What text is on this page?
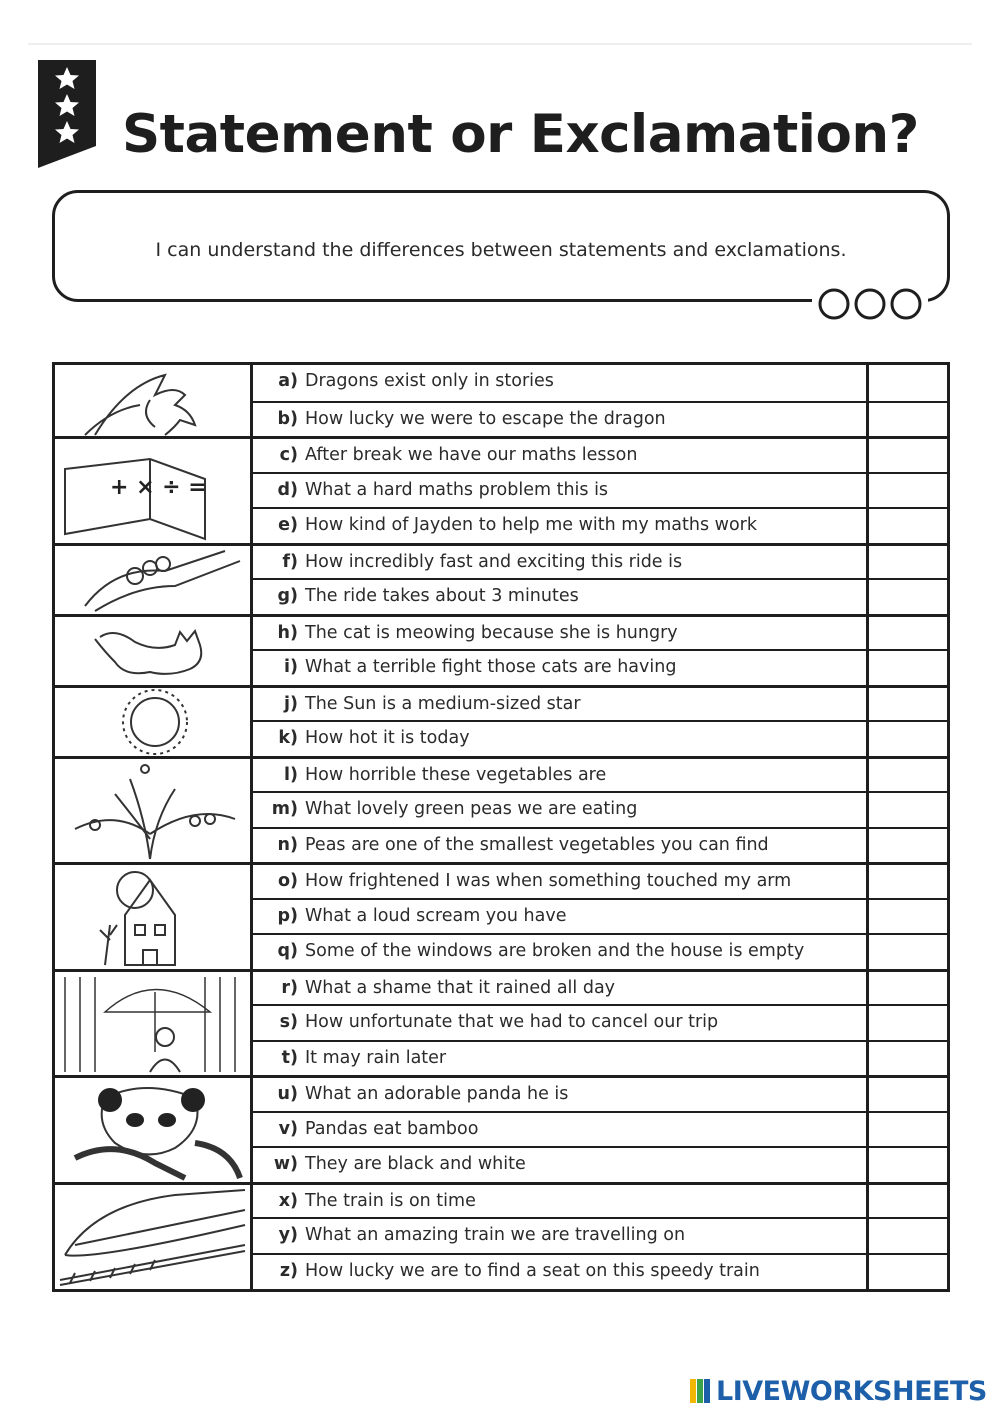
Statement or Exclamation?
I can understand the differences between statements and exclamations.
a) Dragons exist only in stories
b) How lucky we were to escape the dragon
+ × ÷ =
c) After break we have our maths lesson
d) What a hard maths problem this is
e) How kind of Jayden to help me with my maths work
f) How incredibly fast and exciting this ride is
g) The ride takes about 3 minutes
h) The cat is meowing because she is hungry
i) What a terrible fight those cats are having
j) The Sun is a medium-sized star
k) How hot it is today
l) How horrible these vegetables are
m) What lovely green peas we are eating
n) Peas are one of the smallest vegetables you can find
o) How frightened I was when something touched my arm
p) What a loud scream you have
q) Some of the windows are broken and the house is empty
r) What a shame that it rained all day
s) How unfortunate that we had to cancel our trip
t) It may rain later
u) What an adorable panda he is
v) Pandas eat bamboo
w) They are black and white
x) The train is on time
y) What an amazing train we are travelling on
z) How lucky we are to find a seat on this speedy train
LIVEWORKSHEETS
